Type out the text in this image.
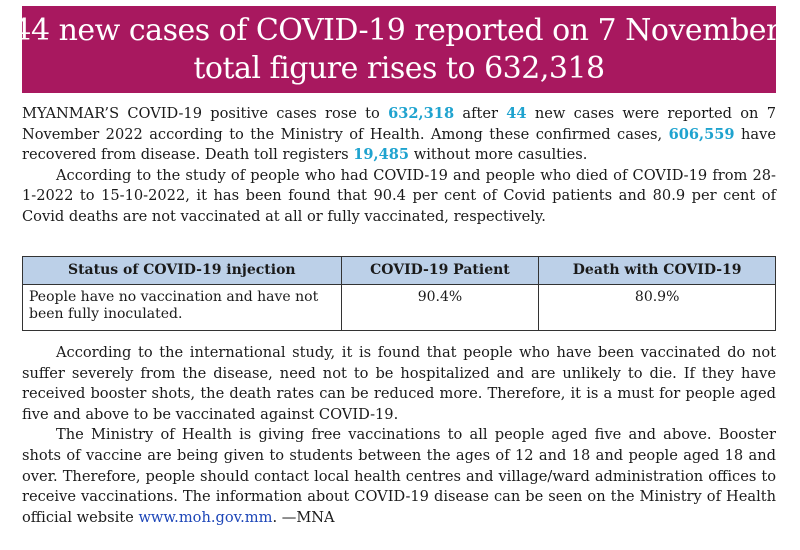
44 new cases of COVID-19 reported on 7 November,
total figure rises to 632,318

MYANMAR’S COVID-19 positive cases rose to 632,318 after 44 new cases were reported on 7 November 2022 according to the Ministry of Health. Among these confirmed cases, 606,559 have recovered from disease. Death toll registers 19,485 without more casulties.

According to the study of people who had COVID-19 and people who died of COVID-19 from 28-1-2022 to 15-10-2022, it has been found that 90.4 per cent of Covid patients and 80.9 per cent of Covid deaths are not vaccinated at all or fully vaccinated, respectively.

Status of COVID-19 injection	COVID-19 Patient	Death with COVID-19
People have no vaccination and have not been fully inoculated.	90.4%	80.9%

According to the international study, it is found that people who have been vaccinated do not suffer severely from the disease, need not to be hospitalized and are unlikely to die. If they have received booster shots, the death rates can be reduced more. Therefore, it is a must for people aged five and above to be vaccinated against COVID-19.

The Ministry of Health is giving free vaccinations to all people aged five and above. Booster shots of vaccine are being given to students between the ages of 12 and 18 and people aged 18 and over. Therefore, people should contact local health centres and village/ward administration offices to receive vaccinations. The information about COVID-19 disease can be seen on the Ministry of Health official website www.moh.gov.mm. —MNA
